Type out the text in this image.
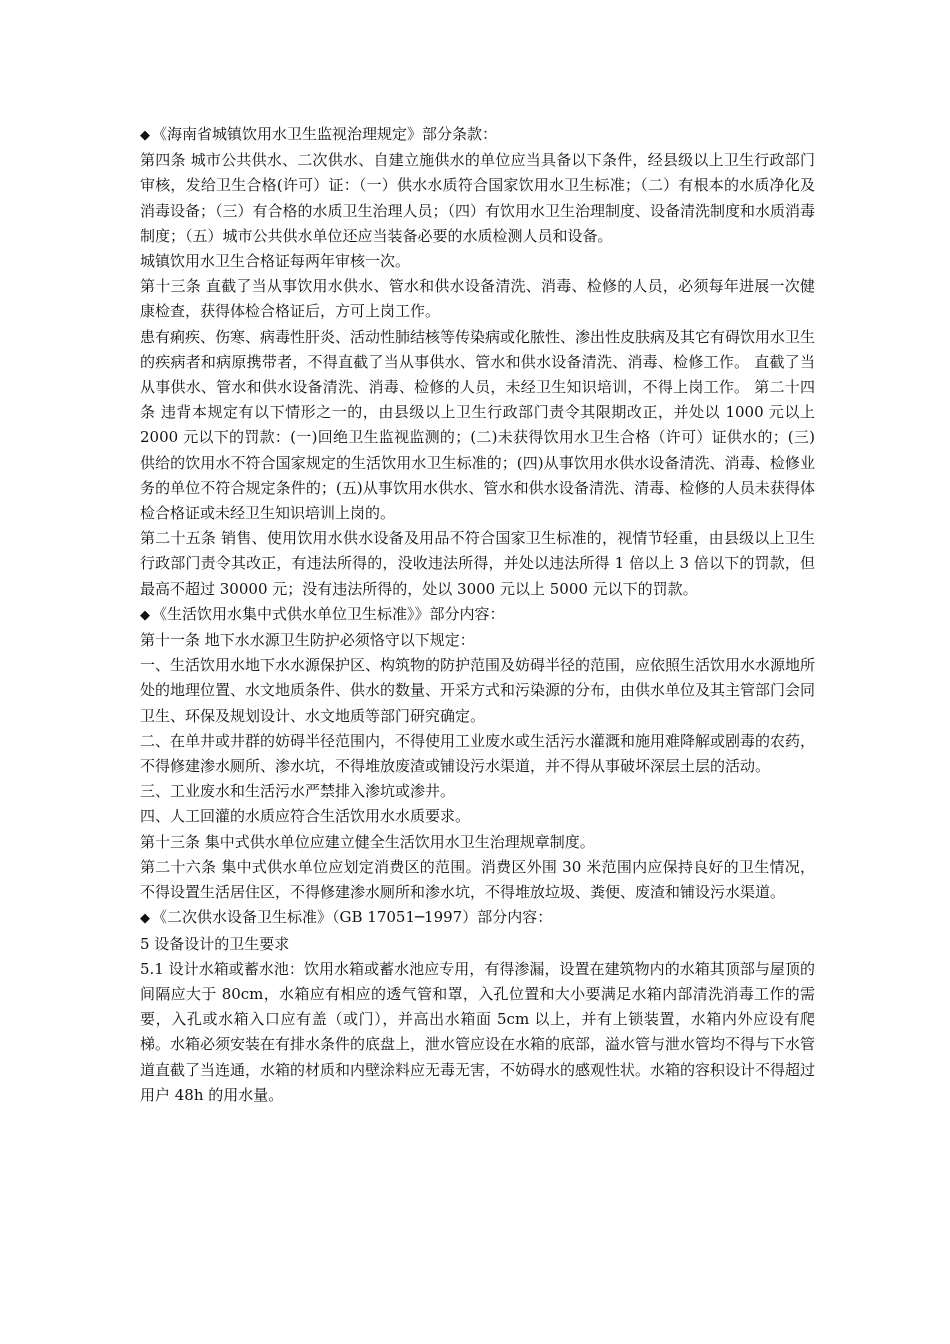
◆ 《海南省城镇饮用水卫生监视治理规定》部分条款：

第四条 城市公共供水、二次供水、自建立施供水的单位应当具备以下条件，经县级以上卫生行政部门审核，发给卫生合格(许可）证：（一）供水水质符合国家饮用水卫生标准；（二）有根本的水质净化及消毒设备；（三）有合格的水质卫生治理人员；（四）有饮用水卫生治理制度、设备清洗制度和水质消毒制度；（五）城市公共供水单位还应当装备必要的水质检测人员和设备。

城镇饮用水卫生合格证每两年审核一次。

第十三条 直截了当从事饮用水供水、管水和供水设备清洗、消毒、检修的人员，必须每年进展一次健康检查，获得体检合格证后，方可上岗工作。

患有痢疾、伤寒、病毒性肝炎、活动性肺结核等传染病或化脓性、渗出性皮肤病及其它有碍饮用水卫生的疾病者和病原携带者，不得直截了当从事供水、管水和供水设备清洗、消毒、检修工作。 直截了当从事供水、管水和供水设备清洗、消毒、检修的人员，未经卫生知识培训，不得上岗工作。 第二十四条 违背本规定有以下情形之一的，由县级以上卫生行政部门责令其限期改正，并处以 1000 元以上 2000 元以下的罚款：(一)回绝卫生监视监测的；(二)未获得饮用水卫生合格（许可）证供水的；(三)供给的饮用水不符合国家规定的生活饮用水卫生标准的；(四)从事饮用水供水设备清洗、消毒、检修业务的单位不符合规定条件的；(五)从事饮用水供水、管水和供水设备清洗、清毒、检修的人员未获得体检合格证或未经卫生知识培训上岗的。

第二十五条 销售、使用饮用水供水设备及用品不符合国家卫生标准的，视情节轻重，由县级以上卫生行政部门责令其改正，有违法所得的，没收违法所得，并处以违法所得 1 倍以上 3 倍以下的罚款，但最高不超过 30000 元；没有违法所得的，处以 3000 元以上 5000 元以下的罚款。

◆ 《生活饮用水集中式供水单位卫生标准》》部分内容：

第十一条 地下水水源卫生防护必须恪守以下规定：

一、生活饮用水地下水水源保护区、构筑物的防护范围及妨碍半径的范围，应依照生活饮用水水源地所处的地理位置、水文地质条件、供水的数量、开采方式和污染源的分布，由供水单位及其主管部门会同卫生、环保及规划设计、水文地质等部门研究确定。

二、在单井或井群的妨碍半径范围内，不得使用工业废水或生活污水灌溉和施用难降解或剧毒的农药，不得修建渗水厕所、渗水坑，不得堆放废渣或铺设污水渠道，并不得从事破坏深层土层的活动。

三、工业废水和生活污水严禁排入渗坑或渗井。

四、人工回灌的水质应符合生活饮用水水质要求。

第十三条 集中式供水单位应建立健全生活饮用水卫生治理规章制度。

第二十六条 集中式供水单位应划定消费区的范围。消费区外围 30 米范围内应保持良好的卫生情况，不得设置生活居住区，不得修建渗水厕所和渗水坑，不得堆放垃圾、粪便、废渣和铺设污水渠道。

◆ 《二次供水设备卫生标准》（GB 17051─1997）部分内容：

5 设备设计的卫生要求

5.1 设计水箱或蓄水池：饮用水箱或蓄水池应专用，有得渗漏，设置在建筑物内的水箱其顶部与屋顶的间隔应大于 80cm，水箱应有相应的透气管和罩，入孔位置和大小要满足水箱内部清洗消毒工作的需要，入孔或水箱入口应有盖（或门），并高出水箱面 5cm 以上，并有上锁装置，水箱内外应设有爬梯。水箱必须安装在有排水条件的底盘上，泄水管应设在水箱的底部，溢水管与泄水管均不得与下水管道直截了当连通，水箱的材质和内壁涂料应无毒无害，不妨碍水的感观性状。水箱的容积设计不得超过用户 48h 的用水量。
